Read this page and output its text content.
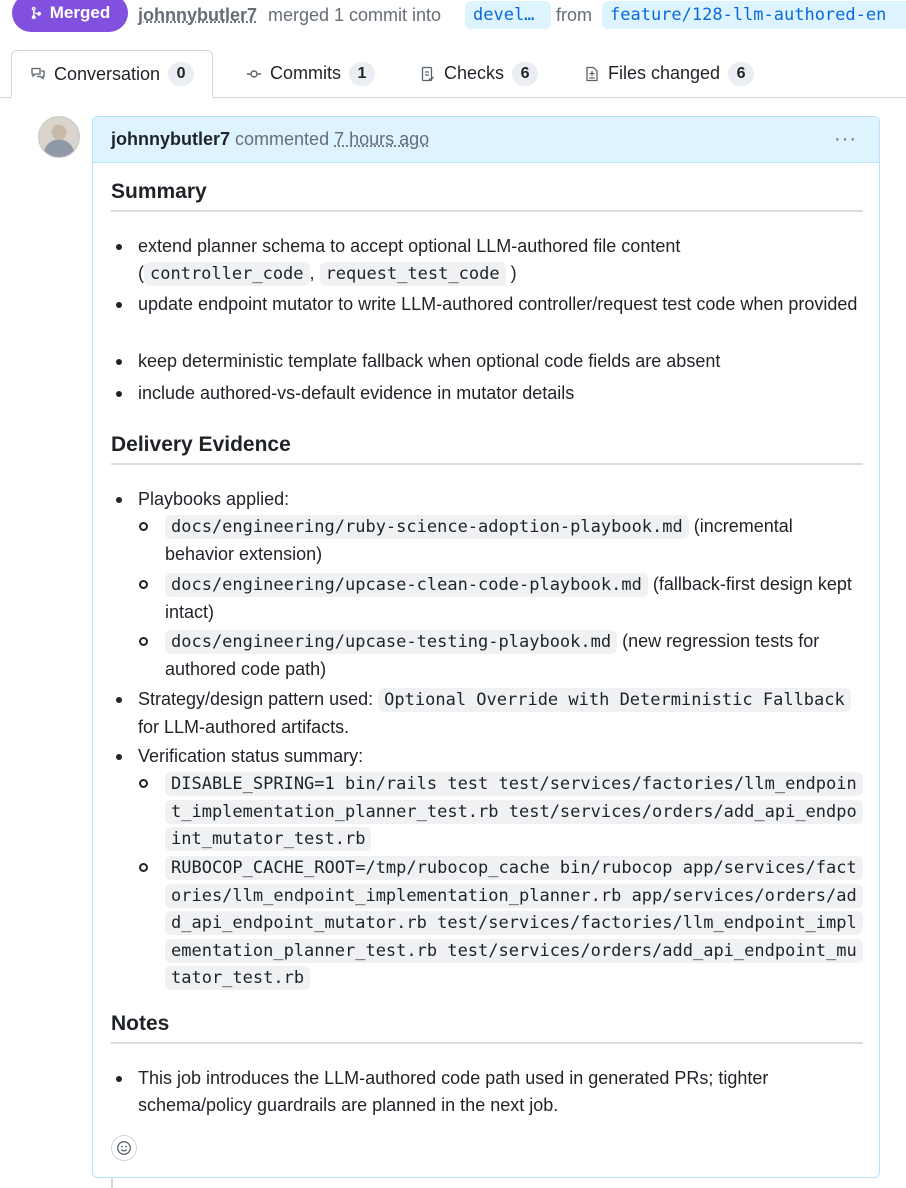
Merged johnnybutler7 merged 1 commit into	devel…	from	feature/128-llm-authored-en
Conversation	0	Commits	1	Checks	6	Files changed	6
johnnybutler7 commented 7 hours ago	···
Summary
extend planner schema to accept optional LLM-authored file content
( controller_code , request_test_code )
update endpoint mutator to write LLM-authored controller/request test code when provided
keep deterministic template fallback when optional code fields are absent
include authored-vs-default evidence in mutator details
Delivery Evidence
Playbooks applied:
docs/engineering/ruby-science-adoption-playbook.md (incremental behavior extension)
docs/engineering/upcase-clean-code-playbook.md (fallback-first design kept intact)
docs/engineering/upcase-testing-playbook.md (new regression tests for authored code path)
Strategy/design pattern used: Optional Override with Deterministic Fallback for LLM-authored artifacts.
Verification status summary:
DISABLE_SPRING=1 bin/rails test test/services/factories/llm_endpoint_implementation_planner_test.rb test/services/orders/add_api_endpoint_mutator_test.rb
RUBOCOP_CACHE_ROOT=/tmp/rubocop_cache bin/rubocop app/services/factories/llm_endpoint_implementation_planner.rb app/services/orders/add_api_endpoint_mutator.rb test/services/factories/llm_endpoint_implementation_planner_test.rb test/services/orders/add_api_endpoint_mutator_test.rb
Notes
This job introduces the LLM-authored code path used in generated PRs; tighter schema/policy guardrails are planned in the next job.
